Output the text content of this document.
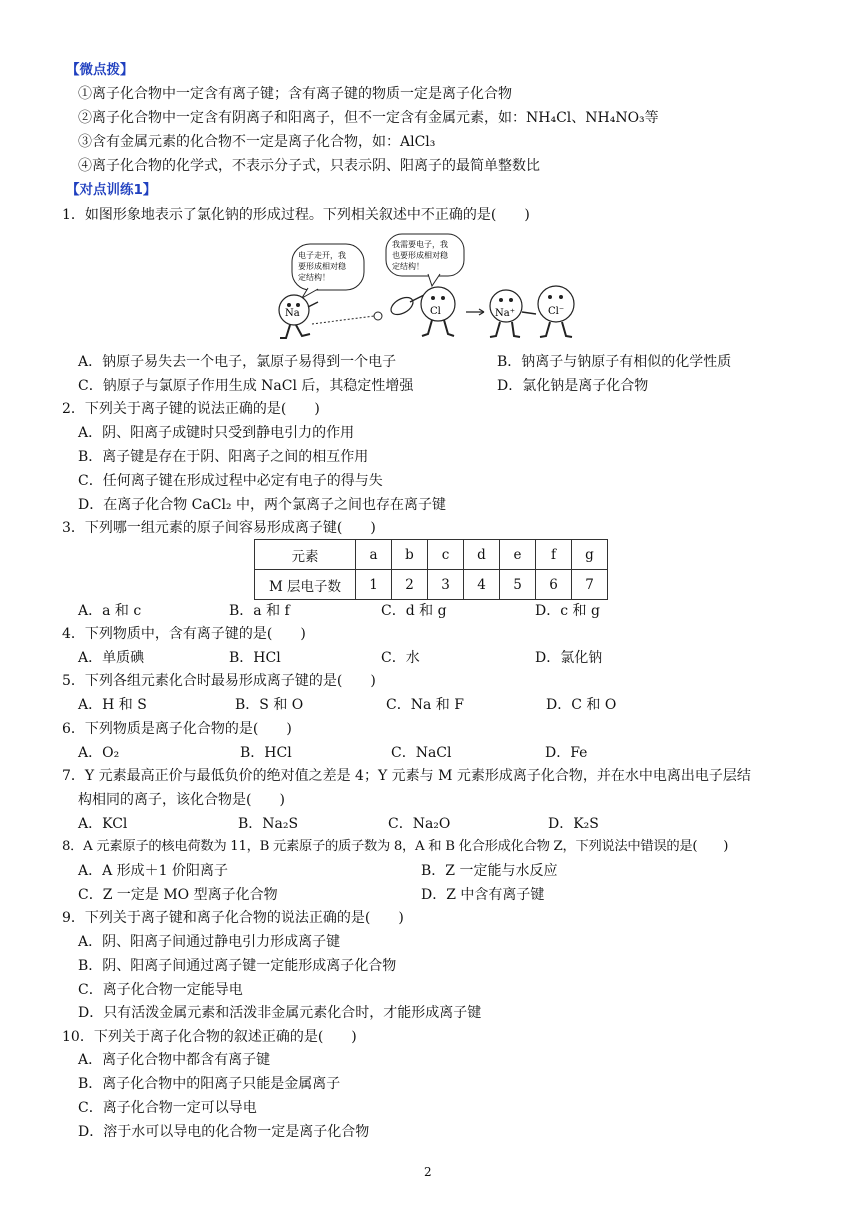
【微点拨】
①离子化合物中一定含有离子键；含有离子键的物质一定是离子化合物
②离子化合物中一定含有阴离子和阳离子，但不一定含有金属元素，如：NH₄Cl、NH₄NO₃等
③含有金属元素的化合物不一定是离子化合物，如：AlCl₃
④离子化合物的化学式，不表示分子式，只表示阴、阳离子的最简单整数比
【对点训练1】
1．如图形象地表示了氯化钠的形成过程。下列相关叙述中不正确的是(　　)
电子走开，我
要形成相对稳
定结构！
我需要电子，我
也要形成相对稳
定结构！
Na	Cl	Na⁺	Cl⁻
A．钠原子易失去一个电子，氯原子易得到一个电子	B．钠离子与钠原子有相似的化学性质
C．钠原子与氯原子作用生成 NaCl 后，其稳定性增强	D．氯化钠是离子化合物
2．下列关于离子键的说法正确的是(　　)
A．阴、阳离子成键时只受到静电引力的作用
B．离子键是存在于阴、阳离子之间的相互作用
C．任何离子键在形成过程中必定有电子的得与失
D．在离子化合物 CaCl₂ 中，两个氯离子之间也存在离子键
3．下列哪一组元素的原子间容易形成离子键(　　)
元素	a	b	c	d	e	f	g
M 层电子数	1	2	3	4	5	6	7
A．a 和 c	B．a 和 f	C．d 和 g	D．c 和 g
4．下列物质中，含有离子键的是(　　)
A．单质碘	B．HCl	C．水	D．氯化钠
5．下列各组元素化合时最易形成离子键的是(　　)
A．H 和 S	B．S 和 O	C．Na 和 F	D．C 和 O
6．下列物质是离子化合物的是(　　)
A．O₂	B．HCl	C．NaCl	D．Fe
7．Y 元素最高正价与最低负价的绝对值之差是 4；Y 元素与 M 元素形成离子化合物，并在水中电离出电子层结
构相同的离子，该化合物是(　　)
A．KCl	B．Na₂S	C．Na₂O	D．K₂S
8．A 元素原子的核电荷数为 11，B 元素原子的质子数为 8，A 和 B 化合形成化合物 Z，下列说法中错误的是(　　)
A．A 形成＋1 价阳离子	B．Z 一定能与水反应
C．Z 一定是 MO 型离子化合物	D．Z 中含有离子键
9．下列关于离子键和离子化合物的说法正确的是(　　)
A．阴、阳离子间通过静电引力形成离子键
B．阴、阳离子间通过离子键一定能形成离子化合物
C．离子化合物一定能导电
D．只有活泼金属元素和活泼非金属元素化合时，才能形成离子键
10．下列关于离子化合物的叙述正确的是(　　)
A．离子化合物中都含有离子键
B．离子化合物中的阳离子只能是金属离子
C．离子化合物一定可以导电
D．溶于水可以导电的化合物一定是离子化合物
2
